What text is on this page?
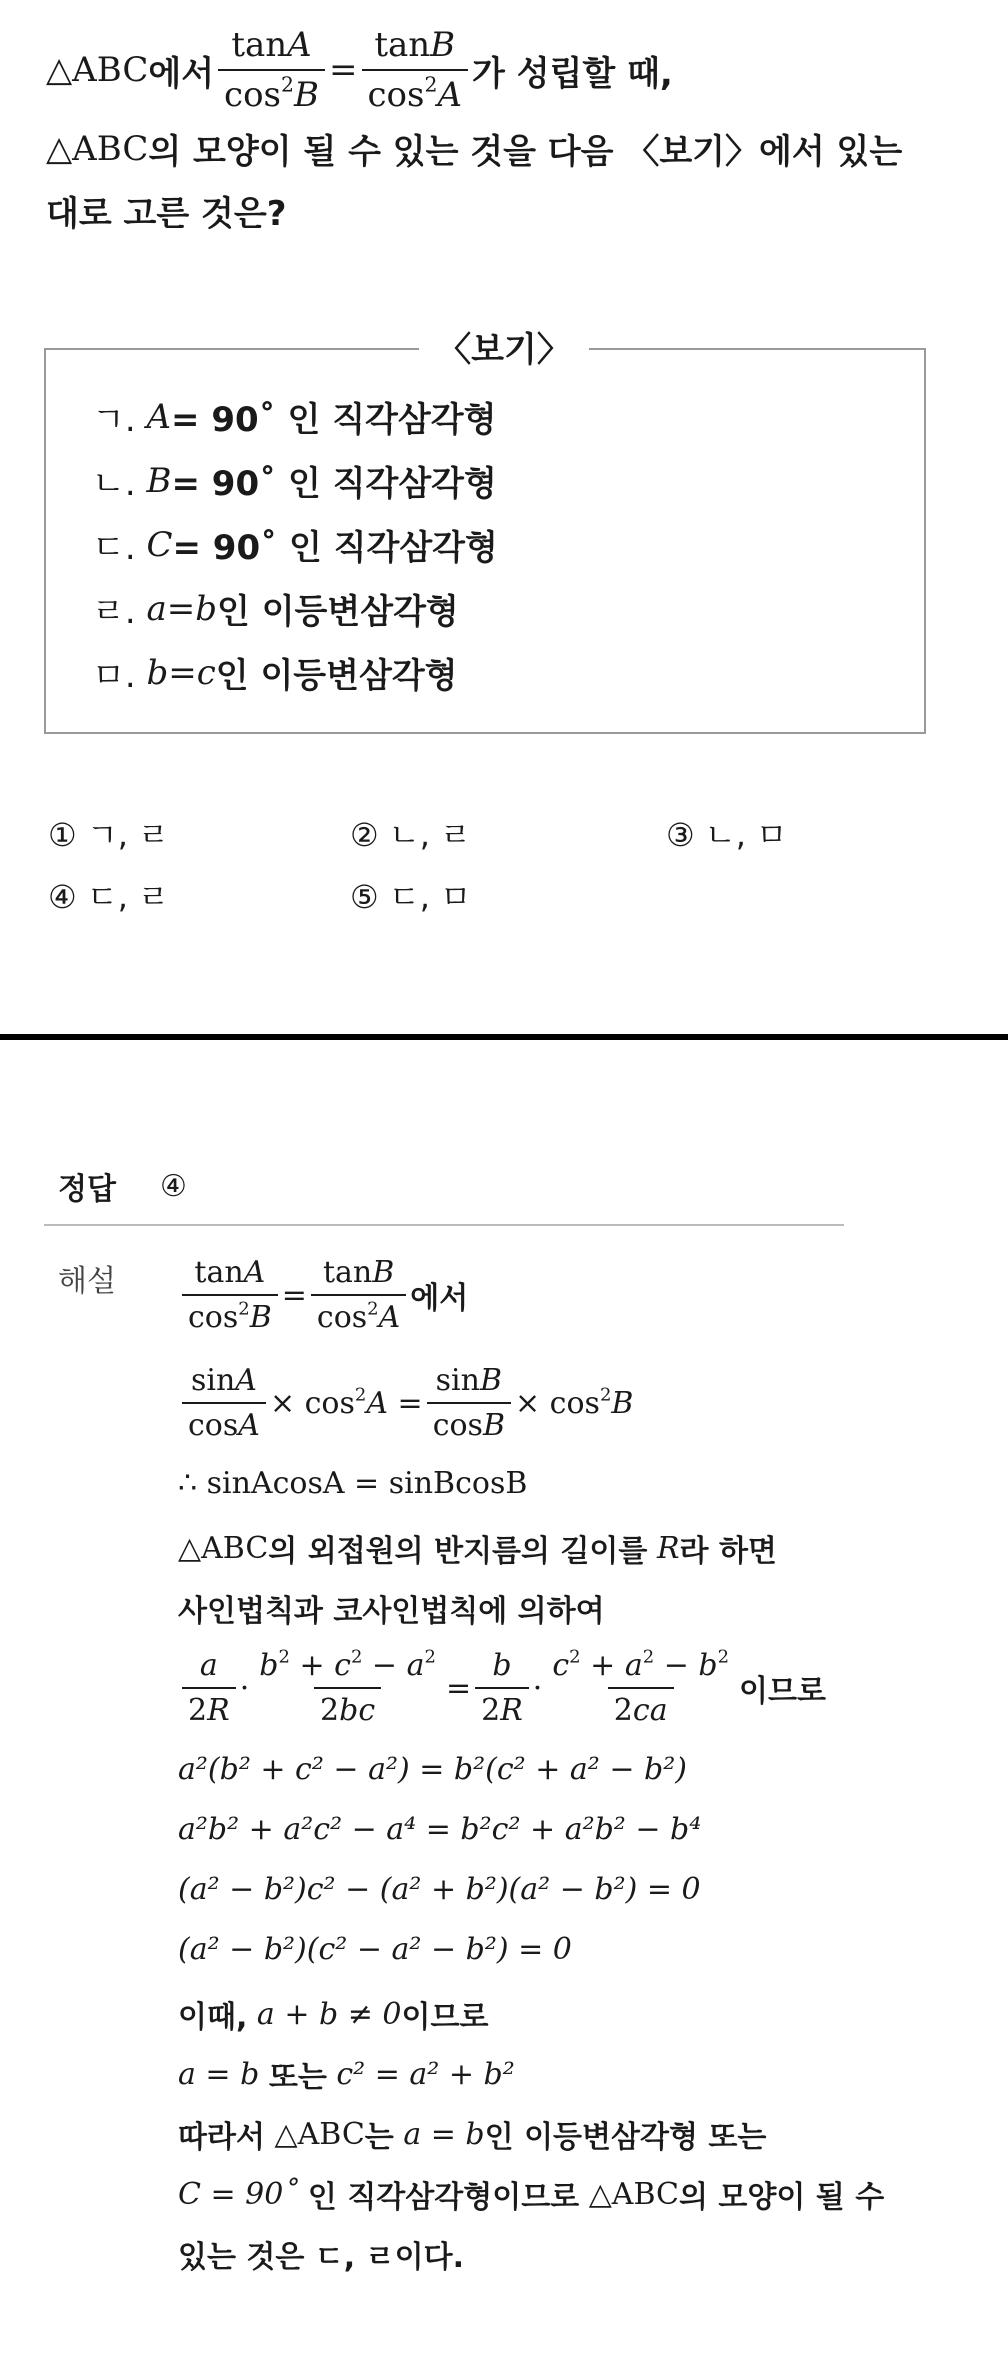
△ABC 에서 $\frac{\tan A}{\cos^2B} = \frac{\tan B}{\cos^2A}$ 가 성립할 때,
△ABC 의 모양이 될 수 있는 것을 다음 〈보기〉에서 있는
대로 고른 것은?
〈보기〉
ㄱ.
A = 90˚ 인 직각삼각형
ㄴ.
B = 90˚ 인 직각삼각형
ㄷ.
C = 90˚ 인 직각삼각형
ㄹ.
a = b 인 이등변삼각형
ㅁ.
b = c 인 이등변삼각형
① ㄱ, ㄹ	② ㄴ, ㄹ	③ ㄴ, ㅁ
④ ㄷ, ㄹ	⑤ ㄷ, ㅁ
정답 ④
해설 $\frac{\tan A}{\cos^2B} = \frac{\tan B}{\cos^2A}$ 에서
$\frac{\sin A}{\cos A} \times \cos^2A = \frac{\sin B}{\cos B} \times \cos^2B$
∴ sinAcosA = sinBcosB
△ABC 의 외접원의 반지름의 길이를
R 라 하면
사인법칙과 코사인법칙에 의하여
$\frac{a}{2R} \cdot \frac{b^2 + c^2 - a^2}{2bc} = \frac{b}{2R} \cdot \frac{c^2 + a^2 - b^2}{2ca}$ 이므로
a²(b² + c² − a²) = b²(c² + a² − b²)
a²b² + a²c² − a⁴ = b²c² + a²b² − b⁴
(a² − b²)c² − (a² + b²)(a² − b²) = 0
(a² − b²)(c² − a² − b²) = 0
이때,
a + b ≠ 0 이므로
a = b
또는
c² = a² + b²
따라서
△ABC 는
a = b 인 이등변삼각형 또는
C = 90˚
인 직각삼각형이므로
△ABC 의 모양이 될 수
있는 것은 ㄷ, ㄹ이다.
